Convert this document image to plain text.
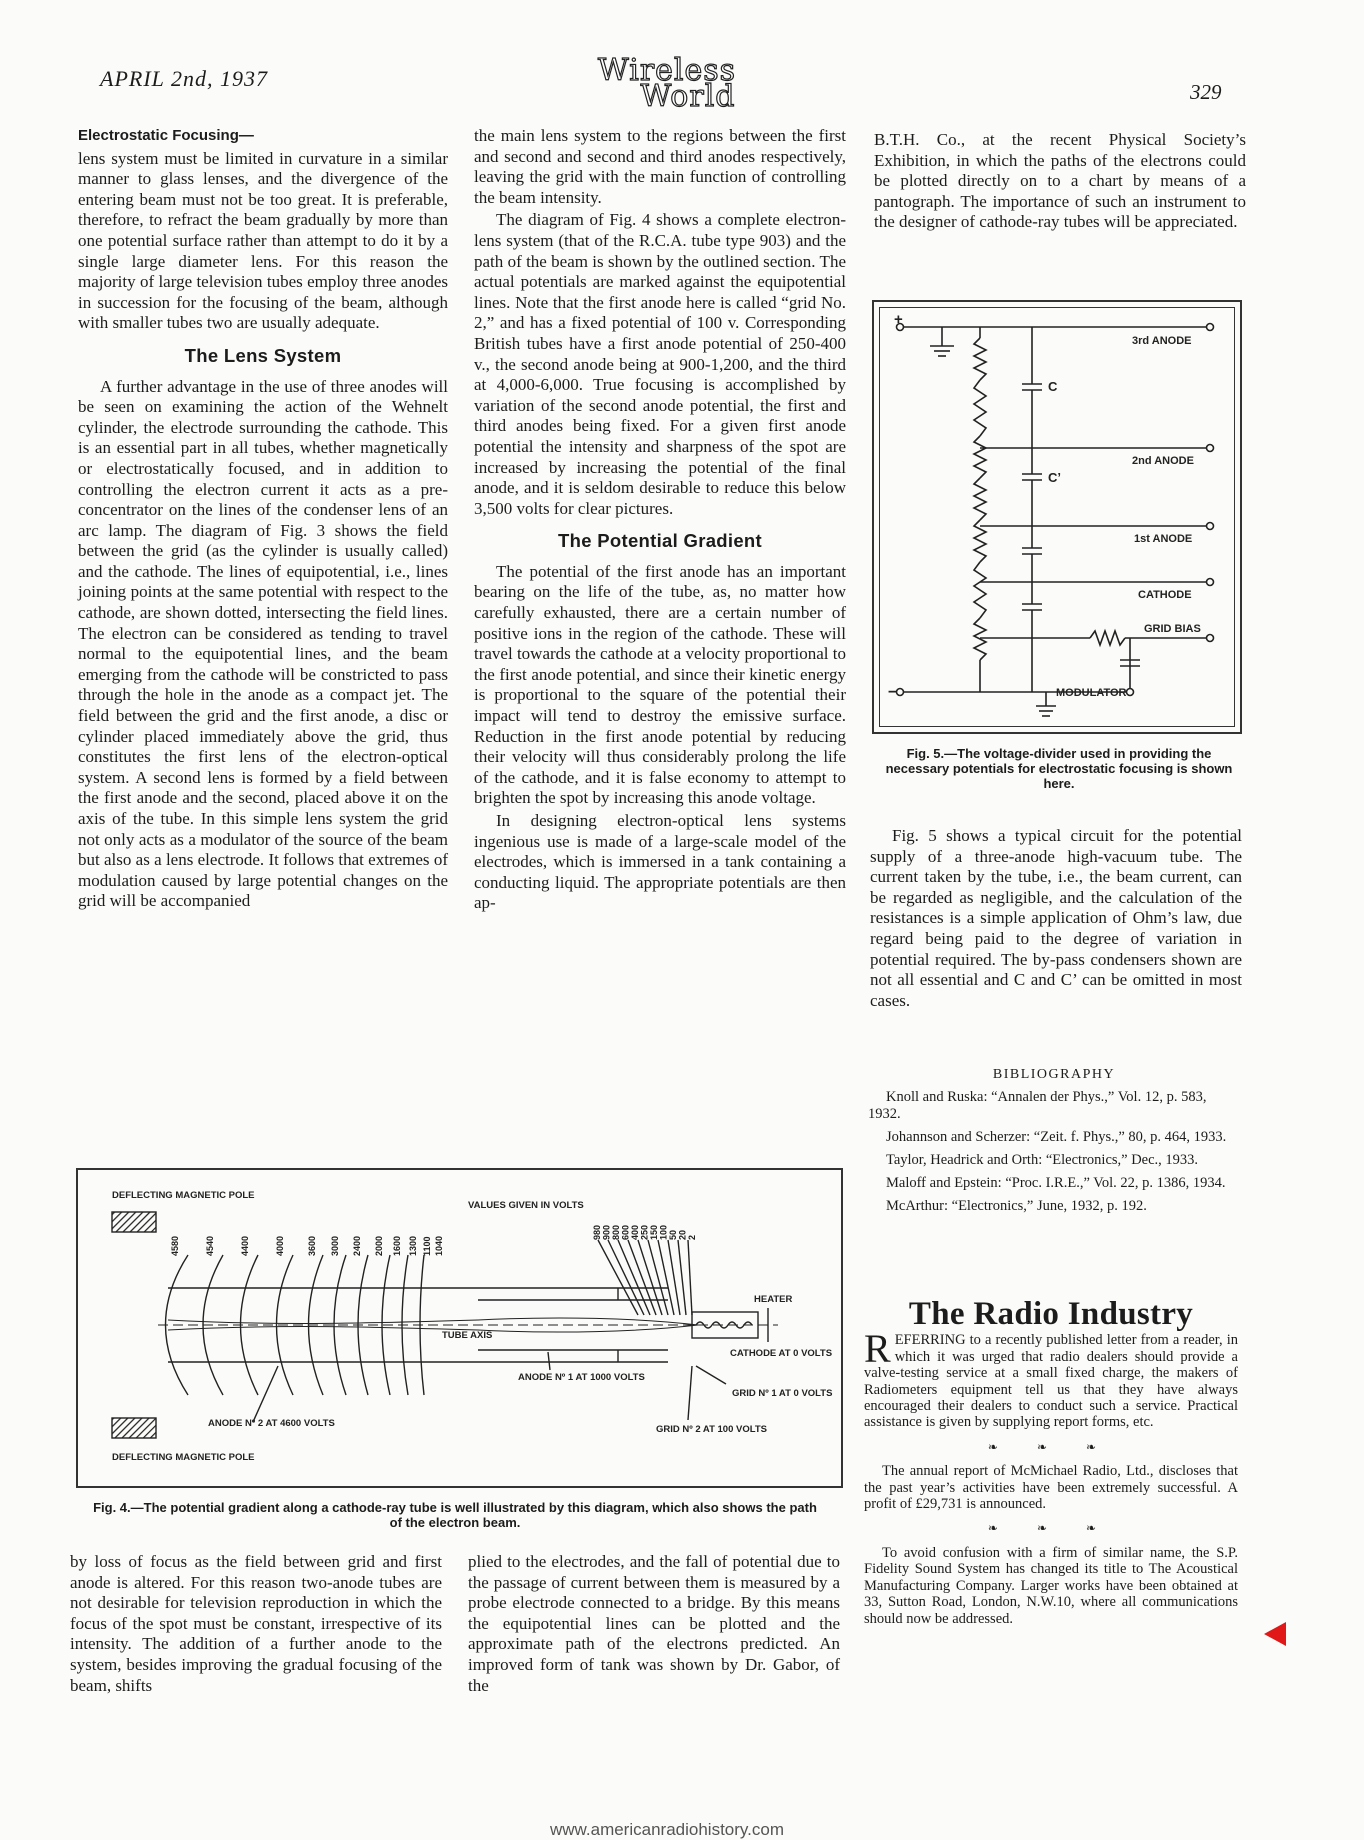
APRIL 2nd, 1937	Wireless
World	329

Electrostatic Focusing—

lens system must be limited in curvature in a similar manner to glass lenses, and the divergence of the entering beam must not be too great. It is preferable, therefore, to refract the beam gradually by more than one potential surface rather than attempt to do it by a single large diameter lens. For this reason the majority of large television tubes employ three anodes in succession for the focusing of the beam, although with smaller tubes two are usually adequate.

The Lens System

A further advantage in the use of three anodes will be seen on examining the action of the Wehnelt cylinder, the electrode surrounding the cathode. This is an essential part in all tubes, whether magnetically or electrostatically focused, and in addition to controlling the electron current it acts as a pre-concentrator on the lines of the condenser lens of an arc lamp. The diagram of Fig. 3 shows the field between the grid (as the cylinder is usually called) and the cathode. The lines of equipotential, i.e., lines joining points at the same potential with respect to the cathode, are shown dotted, intersecting the field lines. The electron can be considered as tending to travel normal to the equipotential lines, and the beam emerging from the cathode will be constricted to pass through the hole in the anode as a compact jet. The field between the grid and the first anode, a disc or cylinder placed immediately above the grid, thus constitutes the first lens of the electron-optical system. A second lens is formed by a field between the first anode and the second, placed above it on the axis of the tube. In this simple lens system the grid not only acts as a modulator of the source of the beam but also as a lens electrode. It follows that extremes of modulation caused by large potential changes on the grid will be accompanied

the main lens system to the regions between the first and second and second and third anodes respectively, leaving the grid with the main function of controlling the beam intensity.

The diagram of Fig. 4 shows a complete electron-lens system (that of the R.C.A. tube type 903) and the path of the beam is shown by the outlined section. The actual potentials are marked against the equipotential lines. Note that the first anode here is called “grid No. 2,” and has a fixed potential of 100 v. Corresponding British tubes have a first anode potential of 250-400 v., the second anode being at 900-1,200, and the third at 4,000-6,000. True focusing is accomplished by variation of the second anode potential, the first and third anodes being fixed. For a given first anode potential the intensity and sharpness of the spot are increased by increasing the potential of the final anode, and it is seldom desirable to reduce this below 3,500 volts for clear pictures.

The Potential Gradient

The potential of the first anode has an important bearing on the life of the tube, as, no matter how carefully exhausted, there are a certain number of positive ions in the region of the cathode. These will travel towards the cathode at a velocity proportional to the first anode potential, and since their kinetic energy is proportional to the square of the potential their impact will tend to destroy the emissive surface. Reduction in the first anode potential by reducing their velocity will thus considerably prolong the life of the cathode, and it is false economy to attempt to brighten the spot by increasing this anode voltage.

In designing electron-optical lens systems ingenious use is made of a large-scale model of the electrodes, which is immersed in a tank containing a conducting liquid. The appropriate potentials are then ap-

B.T.H. Co., at the recent Physical Society’s Exhibition, in which the paths of the electrons could be plotted directly on to a chart by means of a pantograph. The importance of such an instrument to the designer of cathode-ray tubes will be appreciated.

+
−
3rd ANODE
2nd ANODE
1st ANODE
CATHODE
GRID BIAS
MODULATOR
C
C’
Fig. 5.—The voltage-divider used in providing the necessary potentials for electrostatic focusing is shown here.

Fig. 5 shows a typical circuit for the potential supply of a three-anode high-vacuum tube. The current taken by the tube, i.e., the beam current, can be regarded as negligible, and the calculation of the resistances is a simple application of Ohm’s law, due regard being paid to the degree of variation in potential required. The by-pass condensers shown are not all essential and C and C’ can be omitted in most cases.

BIBLIOGRAPHY

Knoll and Ruska: “Annalen der Phys.,” Vol. 12, p. 583, 1932.

Johannson and Scherzer: “Zeit. f. Phys.,” 80, p. 464, 1933.

Taylor, Headrick and Orth: “Electronics,” Dec., 1933.

Maloff and Epstein: “Proc. I.R.E.,” Vol. 22, p. 1386, 1934.

McArthur: “Electronics,” June, 1932, p. 192.

DEFLECTING MAGNETIC POLE
VALUES GIVEN IN VOLTS
HEATER
TUBE AXIS
CATHODE AT 0 VOLTS
ANODE Nº 1 AT 1000 VOLTS
GRID Nº 1 AT 0 VOLTS
ANODE Nº 2 AT 4600 VOLTS
GRID Nº 2 AT 100 VOLTS
DEFLECTING MAGNETIC POLE
4580	4540	4400	4000 3600 3000 2400 2000 1600 1300 1100 1040
980 900 800 600 400 250 150 100 50 20 2
Fig. 4.—The potential gradient along a cathode-ray tube is well illustrated by this diagram, which also shows the path of the electron beam.

by loss of focus as the field between grid and first anode is altered. For this reason two-anode tubes are not desirable for television reproduction in which the focus of the spot must be constant, irrespective of its intensity. The addition of a further anode to the system, besides improving the gradual focusing of the beam, shifts

plied to the electrodes, and the fall of potential due to the passage of current between them is measured by a probe electrode connected to a bridge. By this means the equipotential lines can be plotted and the approximate path of the electrons predicted. An improved form of tank was shown by Dr. Gabor, of the

The Radio Industry

REFERRING to a recently published letter from a reader, in which it was urged that radio dealers should provide a valve-testing service at a small fixed charge, the makers of Radiometers equipment tell us that they have always encouraged their dealers to conduct such a service. Practical assistance is given by supplying report forms, etc.

❧ ❧ ❧

The annual report of McMichael Radio, Ltd., discloses that the past year’s activities have been extremely successful. A profit of £29,731 is announced.

❧ ❧ ❧

To avoid confusion with a firm of similar name, the S.P. Fidelity Sound System has changed its title to The Acoustical Manufacturing Company. Larger works have been obtained at 33, Sutton Road, London, N.W.10, where all communications should now be addressed.

www.americanradiohistory.com
